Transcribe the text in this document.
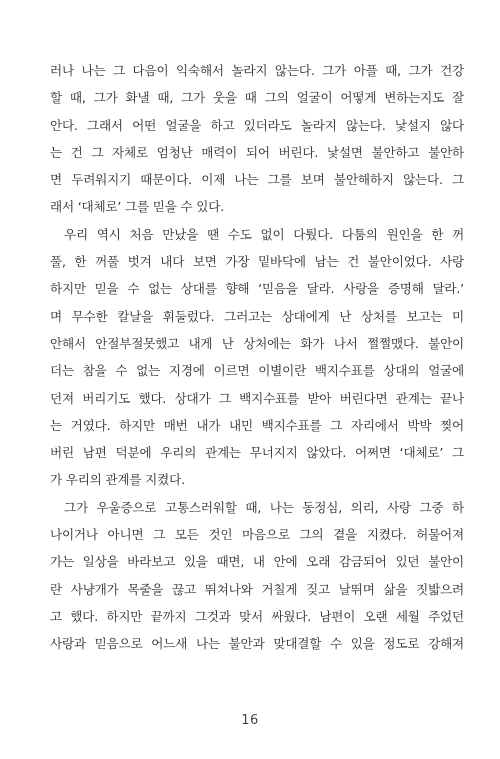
러나 나는 그 다음이 익숙해서 놀라지 않는다. 그가 아플 때, 그가 건강
할 때, 그가 화낼 때, 그가 웃을 때 그의 얼굴이 어떻게 변하는지도 잘
안다. 그래서 어떤 얼굴을 하고 있더라도 놀라지 않는다. 낯설지 않다
는 건 그 자체로 엄청난 매력이 되어 버린다. 낯설면 불안하고 불안하
면 두려워지기 때문이다. 이제 나는 그를 보며 불안해하지 않는다. 그
래서 ‘대체로’ 그를 믿을 수 있다.
우리 역시 처음 만났을 땐 수도 없이 다퉜다. 다툼의 원인을 한 꺼
풀, 한 꺼풀 벗겨 내다 보면 가장 밑바닥에 남는 건 불안이었다. 사랑
하지만 믿을 수 없는 상대를 향해 ‘믿음을 달라. 사랑을 증명해 달라.’
며 무수한 칼날을 휘둘렀다. 그러고는 상대에게 난 상처를 보고는 미
안해서 안절부절못했고 내게 난 상처에는 화가 나서 쩔쩔맸다. 불안이
더는 참을 수 없는 지경에 이르면 이별이란 백지수표를 상대의 얼굴에
던져 버리기도 했다. 상대가 그 백지수표를 받아 버린다면 관계는 끝나
는 거였다. 하지만 매번 내가 내민 백지수표를 그 자리에서 박박 찢어
버린 남편 덕분에 우리의 관계는 무너지지 않았다. 어쩌면 ‘대체로’ 그
가 우리의 관계를 지켰다.
그가 우울증으로 고통스러워할 때, 나는 동정심, 의리, 사랑 그중 하
나이거나 아니면 그 모든 것인 마음으로 그의 곁을 지켰다. 허물어져
가는 일상을 바라보고 있을 때면, 내 안에 오래 감금되어 있던 불안이
란 사냥개가 목줄을 끊고 뛰쳐나와 거칠게 짖고 날뛰며 삶을 짓밟으려
고 했다. 하지만 끝까지 그것과 맞서 싸웠다. 남편이 오랜 세월 주었던
사랑과 믿음으로 어느새 나는 불안과 맞대결할 수 있을 정도로 강해져
16
